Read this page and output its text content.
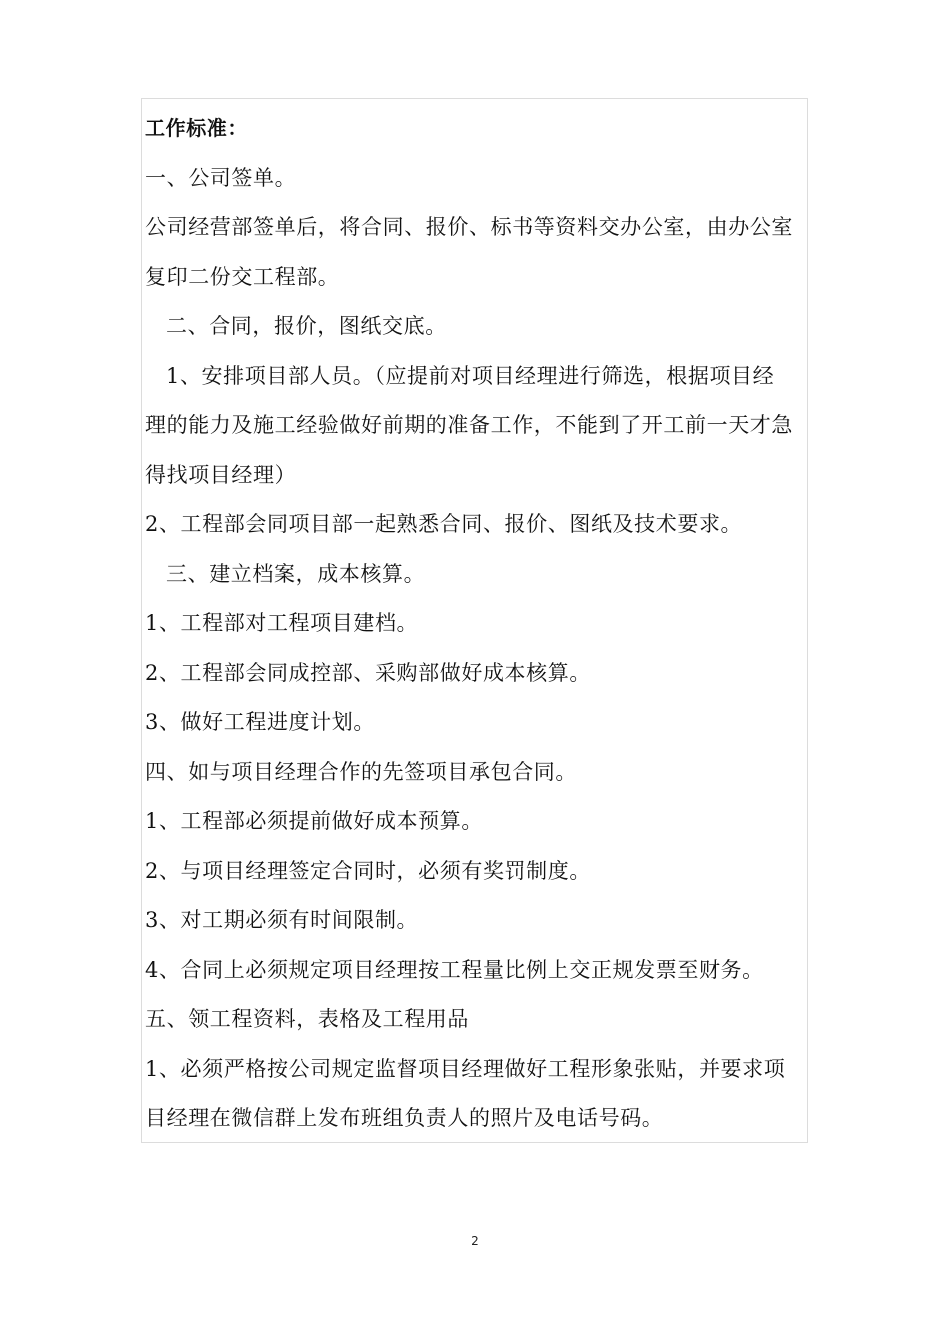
工作标准：
一、公司签单。
公司经营部签单后，将合同、报价、标书等资料交办公室，由办公室
复印二份交工程部。
二、合同，报价，图纸交底。
1、安排项目部人员。（应提前对项目经理进行筛选，根据项目经
理的能力及施工经验做好前期的准备工作，不能到了开工前一天才急
得找项目经理）
2、工程部会同项目部一起熟悉合同、报价、图纸及技术要求。
三、建立档案，成本核算。
1、工程部对工程项目建档。
2、工程部会同成控部、采购部做好成本核算。
3、做好工程进度计划。
四、如与项目经理合作的先签项目承包合同。
1、工程部必须提前做好成本预算。
2、与项目经理签定合同时，必须有奖罚制度。
3、对工期必须有时间限制。
4、合同上必须规定项目经理按工程量比例上交正规发票至财务。
五、领工程资料，表格及工程用品
1、必须严格按公司规定监督项目经理做好工程形象张贴，并要求项
目经理在微信群上发布班组负责人的照片及电话号码。
2
